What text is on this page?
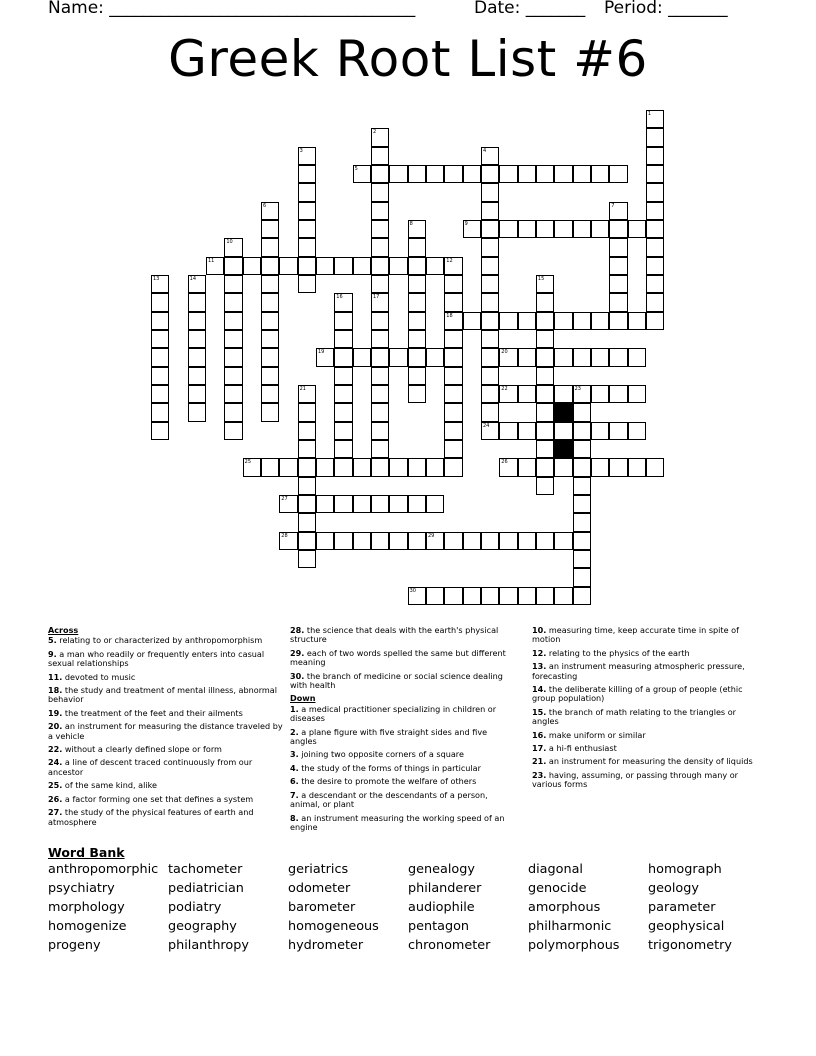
Name: ____________________________________	Date: _______ Period: _______
Greek Root List #6
1
2
17
3	4
6	7
8
10
12
18
13	14	15
16
21	23
5
9
11
19	20
22
24
25	26
27
28	29
30
Across
5. relating to or characterized by anthropomorphism
9. a man who readily or frequently enters into casual sexual relationships
11. devoted to music
18. the study and treatment of mental illness, abnormal behavior
19. the treatment of the feet and their ailments
20. an instrument for measuring the distance traveled by a vehicle
22. without a clearly defined slope or form
24. a line of descent traced continuously from our ancestor
25. of the same kind, alike
26. a factor forming one set that defines a system
27. the study of the physical features of earth and atmosphere
28. the science that deals with the earth's physical structure
29. each of two words spelled the same but different meaning
30. the branch of medicine or social science dealing with health
Down
1. a medical practitioner specializing in children or diseases
2. a plane figure with five straight sides and five angles
3. joining two opposite corners of a square
4. the study of the forms of things in particular
6. the desire to promote the welfare of others
7. a descendant or the descendants of a person, animal, or plant
8. an instrument measuring the working speed of an engine
10. measuring time, keep accurate time in spite of motion
12. relating to the physics of the earth
13. an instrument measuring atmospheric pressure, forecasting
14. the deliberate killing of a group of people (ethic group population)
15. the branch of math relating to the triangles or angles
16. make uniform or similar
17. a hi-fi enthusiast
21. an instrument for measuring the density of liquids
23. having, assuming, or passing through many or various forms
Word Bank
anthropomorphic tachometer	geriatrics	genealogy	diagonal	homograph
psychiatry	pediatrician	odometer	philanderer	genocide	geology
morphology	podiatry	barometer	audiophile	amorphous	parameter
homogenize	geography	homogeneous	pentagon	philharmonic	geophysical
progeny	philanthropy	hydrometer	chronometer	polymorphous	trigonometry
